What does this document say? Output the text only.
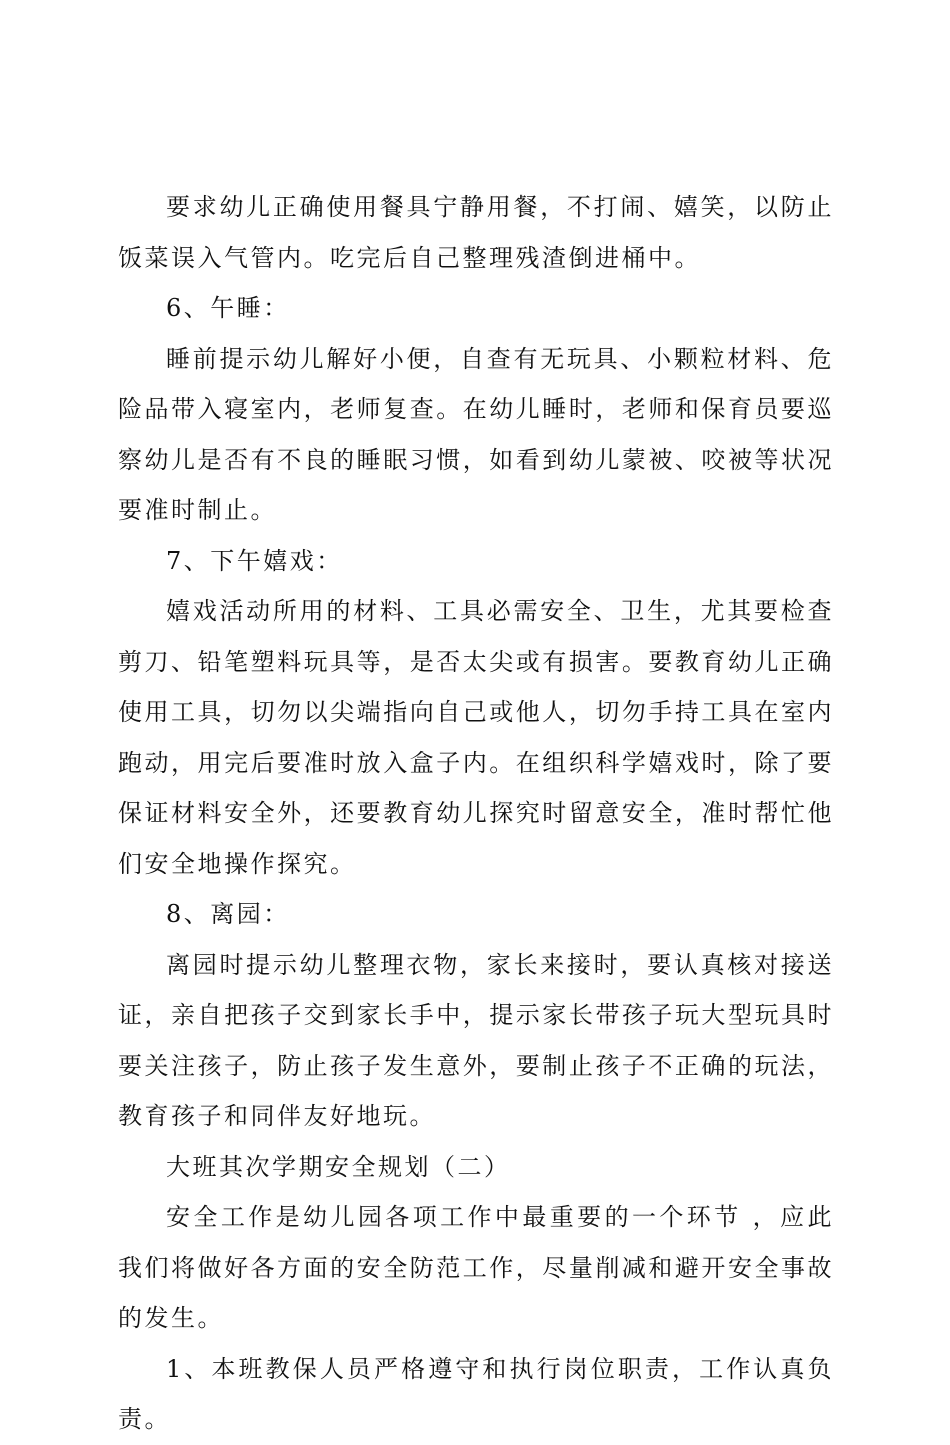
要求幼儿正确使用餐具宁静用餐，不打闹、嬉笑，以防止饭菜误入气管内。吃完后自己整理残渣倒进桶中。

6、午睡：

睡前提示幼儿解好小便，自查有无玩具、小颗粒材料、危险品带入寝室内，老师复查。在幼儿睡时，老师和保育员要巡察幼儿是否有不良的睡眠习惯，如看到幼儿蒙被、咬被等状况要准时制止。

7、下午嬉戏：

嬉戏活动所用的材料、工具必需安全、卫生，尤其要检查剪刀、铅笔塑料玩具等，是否太尖或有损害。要教育幼儿正确使用工具，切勿以尖端指向自己或他人，切勿手持工具在室内跑动，用完后要准时放入盒子内。在组织科学嬉戏时，除了要保证材料安全外，还要教育幼儿探究时留意安全，准时帮忙他们安全地操作探究。

8、离园：

离园时提示幼儿整理衣物，家长来接时，要认真核对接送证，亲自把孩子交到家长手中，提示家长带孩子玩大型玩具时要关注孩子，防止孩子发生意外，要制止孩子不正确的玩法，教育孩子和同伴友好地玩。

大班其次学期安全规划（二）

安全工作是幼儿园各项工作中最重要的一个环节 ，应此我们将做好各方面的安全防范工作，尽量削减和避开安全事故的发生。

1、本班教保人员严格遵守和执行岗位职责，工作认真负责。
